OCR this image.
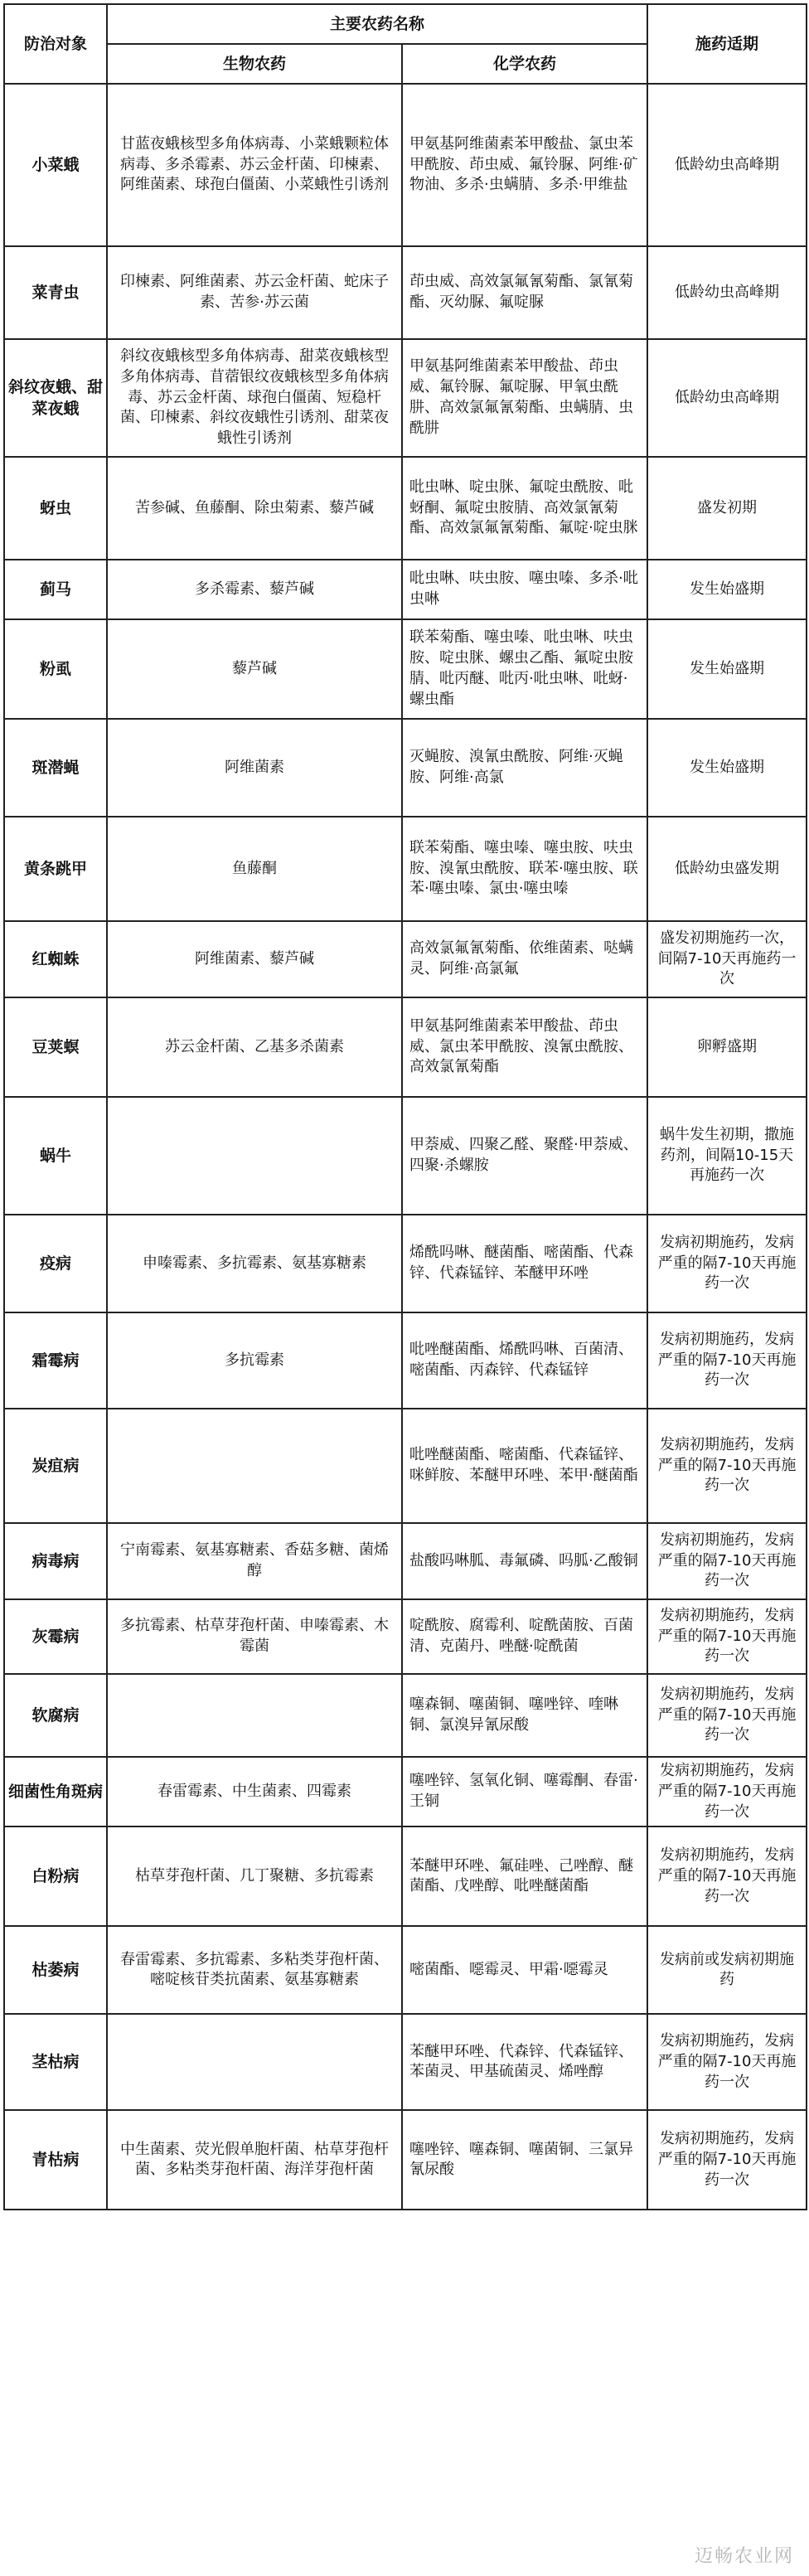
防治对象	主要农药名称		施药适期
	生物农药	化学农药	
小菜蛾	甘蓝夜蛾核型多角体病毒、小菜蛾颗粒体病毒、多杀霉素、苏云金杆菌、印楝素、阿维菌素、球孢白僵菌、小菜蛾性引诱剂	甲氨基阿维菌素苯甲酸盐、氯虫苯甲酰胺、茚虫威、氟铃脲、阿维·矿物油、多杀·虫螨腈、多杀·甲维盐	低龄幼虫高峰期
菜青虫	印楝素、阿维菌素、苏云金杆菌、蛇床子素、苦参·苏云菌	茚虫威、高效氯氟氰菊酯、氯氰菊酯、灭幼脲、氟啶脲	低龄幼虫高峰期
斜纹夜蛾、甜菜夜蛾	斜纹夜蛾核型多角体病毒、甜菜夜蛾核型多角体病毒、苜蓿银纹夜蛾核型多角体病毒、苏云金杆菌、球孢白僵菌、短稳杆菌、印楝素、斜纹夜蛾性引诱剂、甜菜夜蛾性引诱剂	甲氨基阿维菌素苯甲酸盐、茚虫威、氟铃脲、氟啶脲、甲氧虫酰肼、高效氯氟氰菊酯、虫螨腈、虫酰肼	低龄幼虫高峰期
蚜虫	苦参碱、鱼藤酮、除虫菊素、藜芦碱	吡虫啉、啶虫脒、氟啶虫酰胺、吡蚜酮、氟啶虫胺腈、高效氯氰菊酯、高效氯氟氰菊酯、氟啶·啶虫脒	盛发初期
蓟马	多杀霉素、藜芦碱	吡虫啉、呋虫胺、噻虫嗪、多杀·吡虫啉	发生始盛期
粉虱	藜芦碱	联苯菊酯、噻虫嗪、吡虫啉、呋虫胺、啶虫脒、螺虫乙酯、氟啶虫胺腈、吡丙醚、吡丙·吡虫啉、吡蚜·螺虫酯	发生始盛期
斑潜蝇	阿维菌素	灭蝇胺、溴氰虫酰胺、阿维·灭蝇胺、阿维·高氯	发生始盛期
黄条跳甲	鱼藤酮	联苯菊酯、噻虫嗪、噻虫胺、呋虫胺、溴氰虫酰胺、联苯·噻虫胺、联苯·噻虫嗪、氯虫·噻虫嗪	低龄幼虫盛发期
红蜘蛛	阿维菌素、藜芦碱	高效氯氟氰菊酯、依维菌素、哒螨灵、阿维·高氯氟	盛发初期施药一次，间隔7-10天再施药一次
豆荚螟	苏云金杆菌、乙基多杀菌素	甲氨基阿维菌素苯甲酸盐、茚虫威、氯虫苯甲酰胺、溴氰虫酰胺、高效氯氰菊酯	卵孵盛期
蜗牛		甲萘威、四聚乙醛、聚醛·甲萘威、四聚·杀螺胺	蜗牛发生初期，撒施药剂，间隔10-15天再施药一次
疫病	申嗪霉素、多抗霉素、氨基寡糖素	烯酰吗啉、醚菌酯、嘧菌酯、代森锌、代森锰锌、苯醚甲环唑	发病初期施药，发病严重的隔7-10天再施药一次
霜霉病	多抗霉素	吡唑醚菌酯、烯酰吗啉、百菌清、嘧菌酯、丙森锌、代森锰锌	发病初期施药，发病严重的隔7-10天再施药一次
炭疽病		吡唑醚菌酯、嘧菌酯、代森锰锌、咪鲜胺、苯醚甲环唑、苯甲·醚菌酯	发病初期施药，发病严重的隔7-10天再施药一次
病毒病	宁南霉素、氨基寡糖素、香菇多糖、菌烯醇	盐酸吗啉胍、毒氟磷、吗胍·乙酸铜	发病初期施药，发病严重的隔7-10天再施药一次
灰霉病	多抗霉素、枯草芽孢杆菌、申嗪霉素、木霉菌	啶酰胺、腐霉利、啶酰菌胺、百菌清、克菌丹、唑醚·啶酰菌	发病初期施药，发病严重的隔7-10天再施药一次
软腐病		噻森铜、噻菌铜、噻唑锌、喹啉铜、氯溴异氰尿酸	发病初期施药，发病严重的隔7-10天再施药一次
细菌性角斑病	春雷霉素、中生菌素、四霉素	噻唑锌、氢氧化铜、噻霉酮、春雷·王铜	发病初期施药，发病严重的隔7-10天再施药一次
白粉病	枯草芽孢杆菌、几丁聚糖、多抗霉素	苯醚甲环唑、氟硅唑、己唑醇、醚菌酯、戊唑醇、吡唑醚菌酯	发病初期施药，发病严重的隔7-10天再施药一次
枯萎病	春雷霉素、多抗霉素、多粘类芽孢杆菌、嘧啶核苷类抗菌素、氨基寡糖素	嘧菌酯、噁霉灵、甲霜·噁霉灵	发病前或发病初期施药
茎枯病		苯醚甲环唑、代森锌、代森锰锌、苯菌灵、甲基硫菌灵、烯唑醇	发病初期施药，发病严重的隔7-10天再施药一次
青枯病	中生菌素、荧光假单胞杆菌、枯草芽孢杆菌、多粘类芽孢杆菌、海洋芽孢杆菌	噻唑锌、噻森铜、噻菌铜、三氯异氰尿酸	发病初期施药，发病严重的隔7-10天再施药一次
迈畅农业网
